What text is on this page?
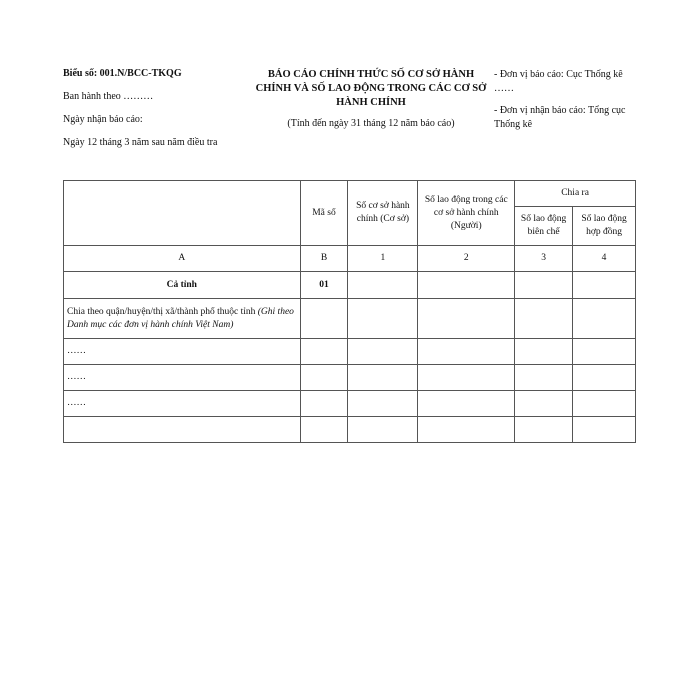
Biểu số: 001.N/BCC-TKQG
Ban hành theo ………
Ngày nhận báo cáo:
Ngày 12 tháng 3 năm sau năm điều tra
BÁO CÁO CHÍNH THỨC SỐ CƠ SỞ HÀNH CHÍNH VÀ SỐ LAO ĐỘNG TRONG CÁC CƠ SỞ HÀNH CHÍNH
(Tính đến ngày 31 tháng 12 năm báo cáo)
- Đơn vị báo cáo: Cục Thống kê ……
- Đơn vị nhận báo cáo: Tổng cục Thống kê
	Mã số	Số cơ sở hành chính (Cơ sở)	Số lao động trong các cơ sở hành chính (Người)	Chia ra	
				Số lao động biên chế	Số lao động hợp đồng
A	B	1	2	3	4
Cả tỉnh	01				
Chia theo quận/huyện/thị xã/thành phố thuộc tỉnh (Ghi theo Danh mục các đơn vị hành chính Việt Nam)					
……					
……					
……					
